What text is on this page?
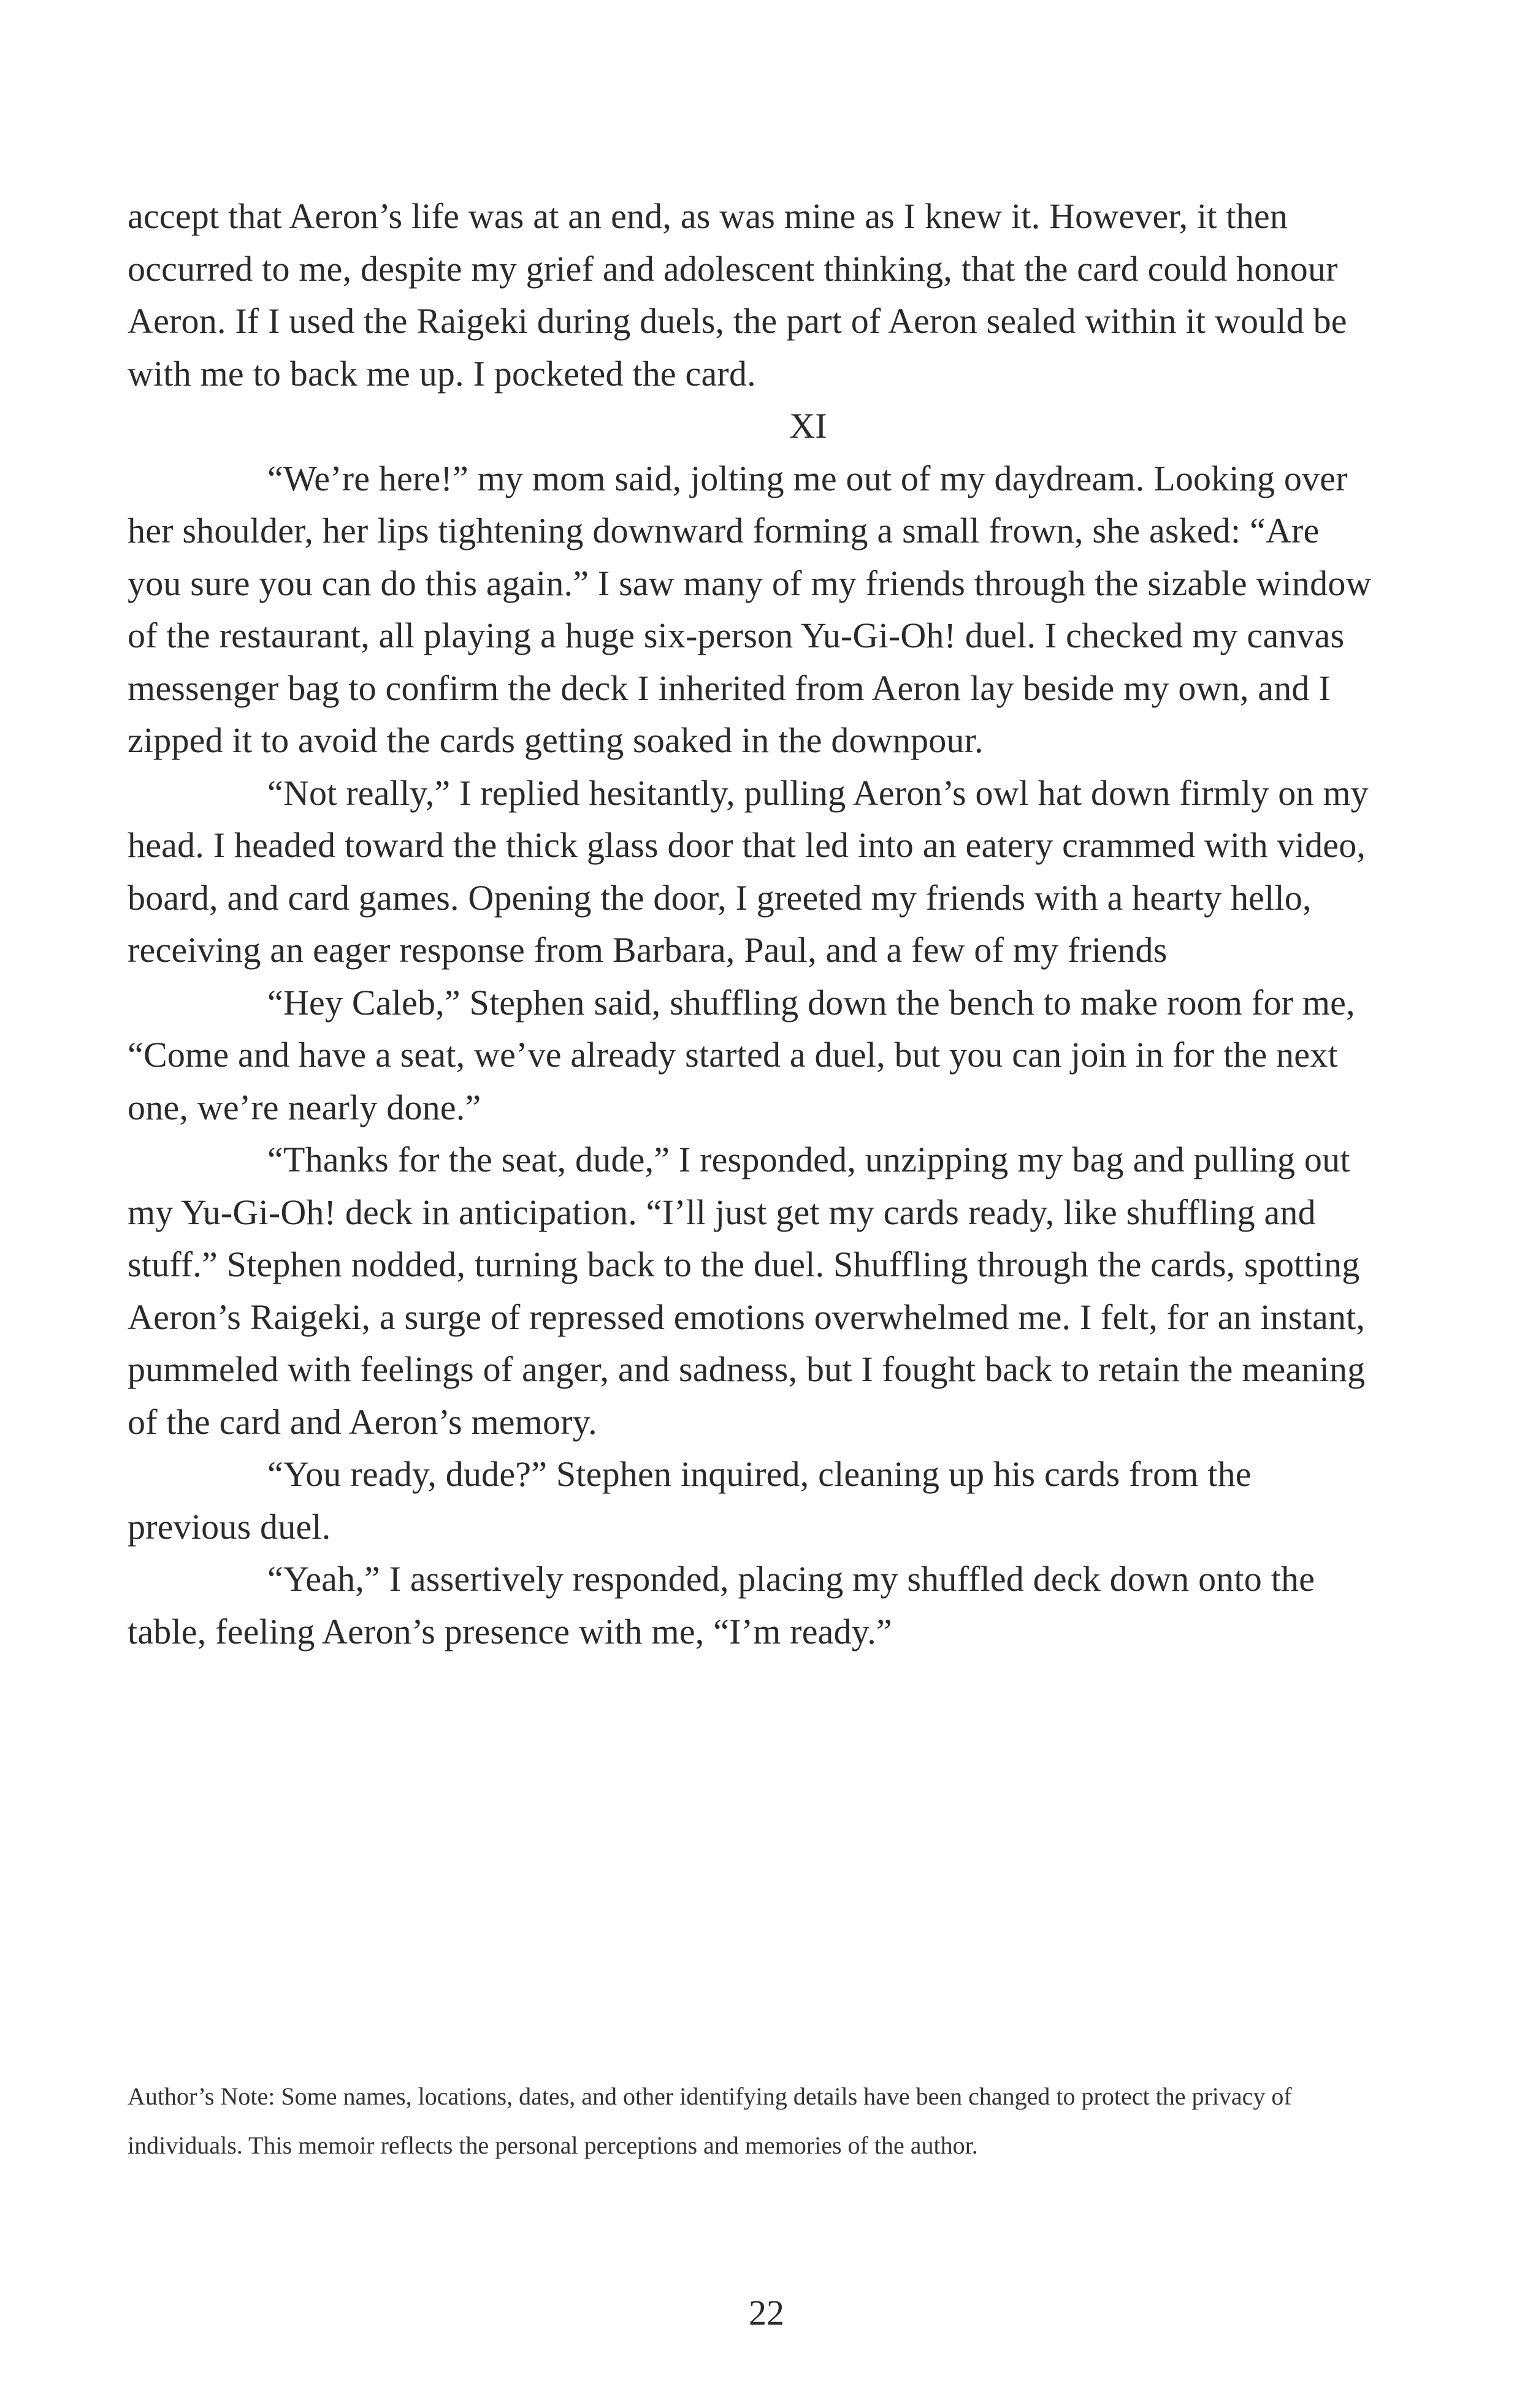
accept that Aeron’s life was at an end, as was mine as I knew it. However, it then occurred to me, despite my grief and adolescent thinking, that the card could honour Aeron. If I used the Raigeki during duels, the part of Aeron sealed within it would be with me to back me up. I pocketed the card.

XI

“We’re here!” my mom said, jolting me out of my daydream. Looking over her shoulder, her lips tightening downward forming a small frown, she asked: “Are you sure you can do this again.” I saw many of my friends through the sizable window of the restaurant, all playing a huge six-person Yu-Gi-Oh! duel. I checked my canvas messenger bag to confirm the deck I inherited from Aeron lay beside my own, and I zipped it to avoid the cards getting soaked in the downpour.

“Not really,” I replied hesitantly, pulling Aeron’s owl hat down firmly on my head. I headed toward the thick glass door that led into an eatery crammed with video, board, and card games. Opening the door, I greeted my friends with a hearty hello, receiving an eager response from Barbara, Paul, and a few of my friends

“Hey Caleb,” Stephen said, shuffling down the bench to make room for me, “Come and have a seat, we’ve already started a duel, but you can join in for the next one, we’re nearly done.”

“Thanks for the seat, dude,” I responded, unzipping my bag and pulling out my Yu-Gi-Oh! deck in anticipation. “I’ll just get my cards ready, like shuffling and stuff.” Stephen nodded, turning back to the duel. Shuffling through the cards, spotting Aeron’s Raigeki, a surge of repressed emotions overwhelmed me. I felt, for an instant, pummeled with feelings of anger, and sadness, but I fought back to retain the meaning of the card and Aeron’s memory.

“You ready, dude?” Stephen inquired, cleaning up his cards from the previous duel.

“Yeah,” I assertively responded, placing my shuffled deck down onto the table, feeling Aeron’s presence with me, “I’m ready.”

Author’s Note: Some names, locations, dates, and other identifying details have been changed to protect the privacy of individuals. This memoir reflects the personal perceptions and memories of the author.
22
